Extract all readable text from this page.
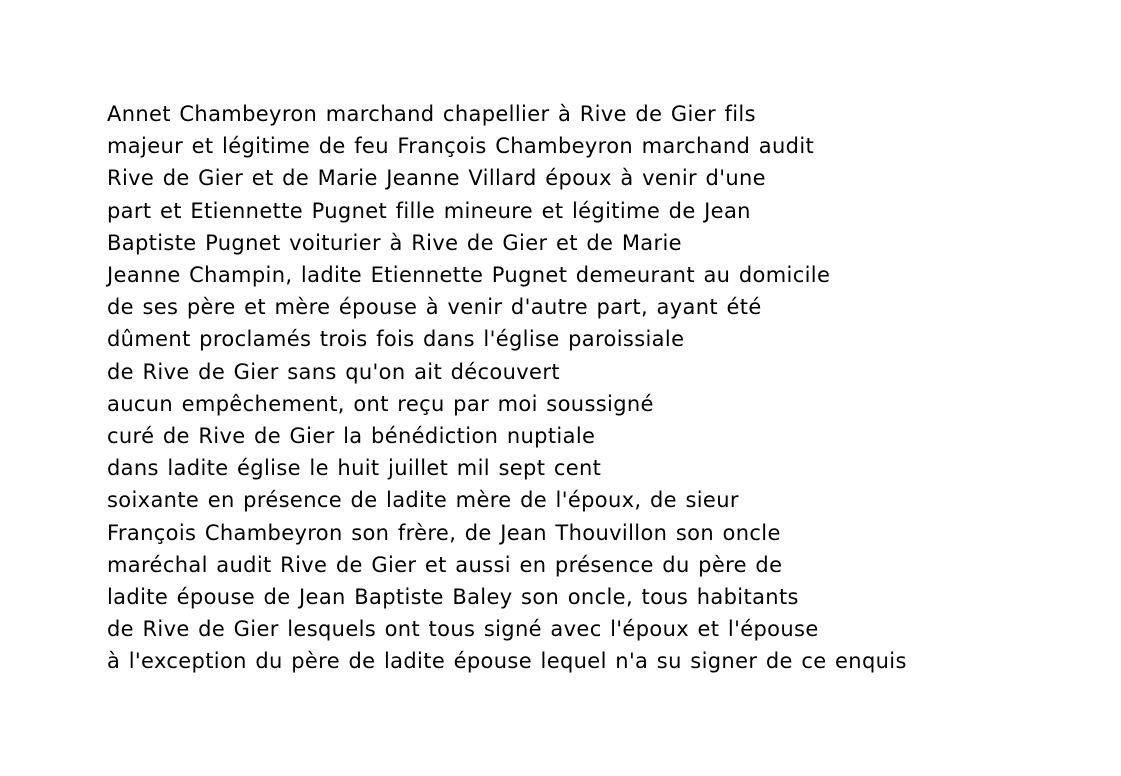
Annet Chambeyron marchand chapellier à Rive de Gier fils
majeur et légitime de feu François Chambeyron marchand audit
Rive de Gier et de Marie Jeanne Villard époux à venir d'une
part et Etiennette Pugnet fille mineure et légitime de Jean
Baptiste Pugnet voiturier à Rive de Gier et de Marie
Jeanne Champin, ladite Etiennette Pugnet demeurant au domicile
de ses père et mère épouse à venir d'autre part, ayant été
dûment proclamés trois fois dans l'église paroissiale
de Rive de Gier sans qu'on ait découvert
aucun empêchement, ont reçu par moi soussigné
curé de Rive de Gier la bénédiction nuptiale
dans ladite église le huit juillet mil sept cent
soixante en présence de ladite mère de l'époux, de sieur
François Chambeyron son frère, de Jean Thouvillon son oncle
maréchal audit Rive de Gier et aussi en présence du père de
ladite épouse de Jean Baptiste Baley son oncle, tous habitants
de Rive de Gier lesquels ont tous signé avec l'époux et l'épouse
à l'exception du père de ladite épouse lequel n'a su signer de ce enquis
